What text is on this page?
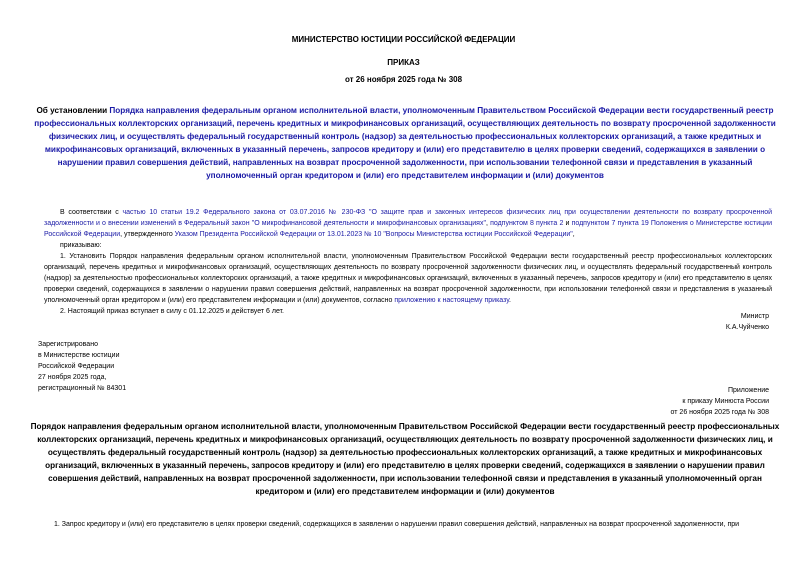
МИНИСТЕРСТВО ЮСТИЦИИ РОССИЙСКОЙ ФЕДЕРАЦИИ
ПРИКАЗ
от 26 ноября 2025 года № 308
Об установлении Порядка направления федеральным органом исполнительной власти, уполномоченным Правительством Российской Федерации вести государственный реестр профессиональных коллекторских организаций, перечень кредитных и микрофинансовых организаций, осуществляющих деятельность по возврату просроченной задолженности физических лиц, и осуществлять федеральный государственный контроль (надзор) за деятельностью профессиональных коллекторских организаций, а также кредитных и микрофинансовых организаций, включенных в указанный перечень, запросов кредитору и (или) его представителю в целях проверки сведений, содержащихся в заявлении о нарушении правил совершения действий, направленных на возврат просроченной задолженности, при использовании телефонной связи и представления в указанный уполномоченный орган кредитором и (или) его представителем информации и (или) документов

В соответствии с частью 10 статьи 19.2 Федерального закона от 03.07.2016 № 230-ФЗ "О защите прав и законных интересов физических лиц при осуществлении деятельности по возврату просроченной задолженности и о внесении изменений в Федеральный закон "О микрофинансовой деятельности и микрофинансовых организациях", подпунктом 8 пункта 2 и подпунктом 7 пункта 19 Положения о Министерстве юстиции Российской Федерации, утвержденного Указом Президента Российской Федерации от 13.01.2023 № 10 "Вопросы Министерства юстиции Российской Федерации",

приказываю:

1. Установить Порядок направления федеральным органом исполнительной власти, уполномоченным Правительством Российской Федерации вести государственный реестр профессиональных коллекторских организаций, перечень кредитных и микрофинансовых организаций, осуществляющих деятельность по возврату просроченной задолженности физических лиц, и осуществлять федеральный государственный контроль (надзор) за деятельностью профессиональных коллекторских организаций, а также кредитных и микрофинансовых организаций, включенных в указанный перечень, запросов кредитору и (или) его представителю в целях проверки сведений, содержащихся в заявлении о нарушении правил совершения действий, направленных на возврат просроченной задолженности, при использовании телефонной связи и представления в указанный уполномоченный орган кредитором и (или) его представителем информации и (или) документов, согласно приложению к настоящему приказу.

2. Настоящий приказ вступает в силу с 01.12.2025 и действует 6 лет.

Министр
К.А.Чуйченко
Зарегистрировано
в Министерстве юстиции
Российской Федерации
27 ноября 2025 года,
регистрационный № 84301	Приложение
к приказу Минюста России
от 26 ноября 2025 года № 308
Порядок направления федеральным органом исполнительной власти, уполномоченным Правительством Российской Федерации вести государственный реестр профессиональных коллекторских организаций, перечень кредитных и микрофинансовых организаций, осуществляющих деятельность по возврату просроченной задолженности физических лиц, и осуществлять федеральный государственный контроль (надзор) за деятельностью профессиональных коллекторских организаций, а также кредитных и микрофинансовых организаций, включенных в указанный перечень, запросов кредитору и (или) его представителю в целях проверки сведений, содержащихся в заявлении о нарушении правил совершения действий, направленных на возврат просроченной задолженности, при использовании телефонной связи и представления в указанный уполномоченный орган кредитором и (или) его представителем информации и (или) документов
1. Запрос кредитору и (или) его представителю в целях проверки сведений, содержащихся в заявлении о нарушении правил совершения действий, направленных на возврат просроченной задолженности, при
